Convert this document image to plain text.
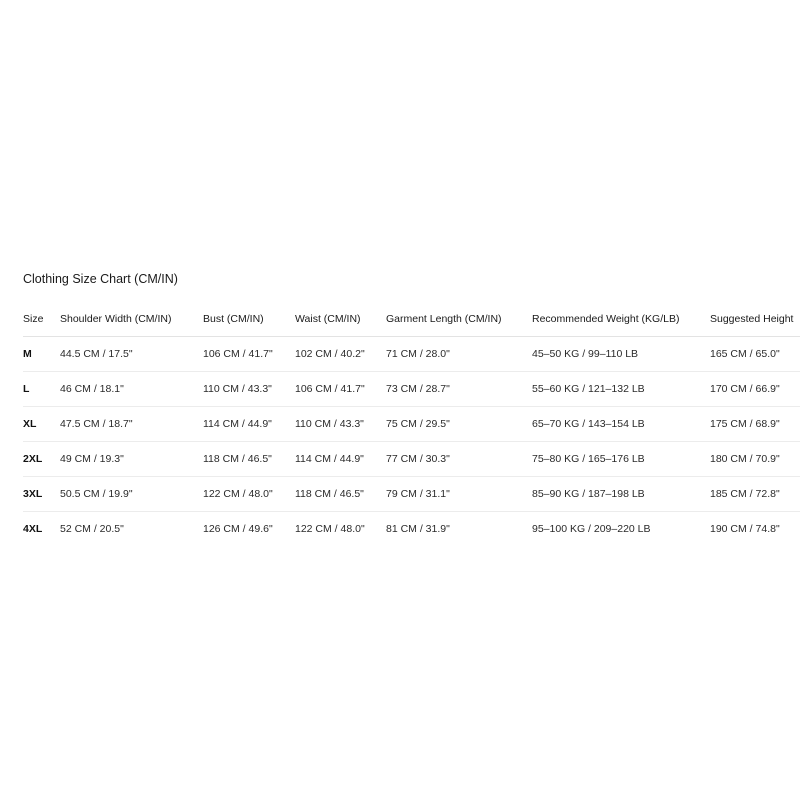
Clothing Size Chart (CM/IN)
Size	Shoulder Width (CM/IN)	Bust (CM/IN)	Waist (CM/IN)	Garment Length (CM/IN)	Recommended Weight (KG/LB)	Suggested Height
M	44.5 CM / 17.5"	106 CM / 41.7"	102 CM / 40.2"	71 CM / 28.0"	45–50 KG / 99–110 LB	165 CM / 65.0"
L	46 CM / 18.1"	110 CM / 43.3"	106 CM / 41.7"	73 CM / 28.7"	55–60 KG / 121–132 LB	170 CM / 66.9"
XL	47.5 CM / 18.7"	114 CM / 44.9"	110 CM / 43.3"	75 CM / 29.5"	65–70 KG / 143–154 LB	175 CM / 68.9"
2XL	49 CM / 19.3"	118 CM / 46.5"	114 CM / 44.9"	77 CM / 30.3"	75–80 KG / 165–176 LB	180 CM / 70.9"
3XL	50.5 CM / 19.9"	122 CM / 48.0"	118 CM / 46.5"	79 CM / 31.1"	85–90 KG / 187–198 LB	185 CM / 72.8"
4XL	52 CM / 20.5"	126 CM / 49.6"	122 CM / 48.0"	81 CM / 31.9"	95–100 KG / 209–220 LB	190 CM / 74.8"
